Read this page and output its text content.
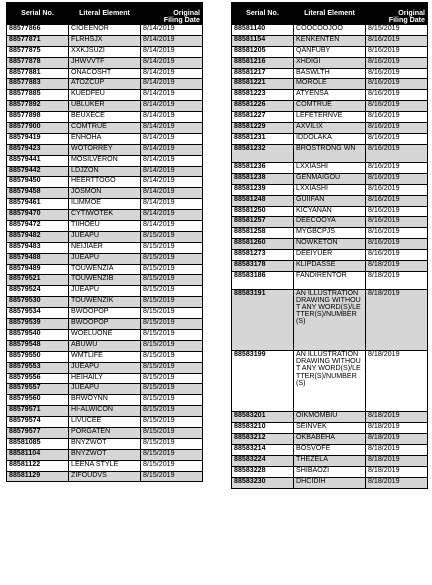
Serial No.	Literal Element	Original
Filing Date
88577866	CIOEENOR	8/14/2019
88577871	FLRHSJX	8/14/2019
88577875	XXKJSUZI	8/14/2019
88577878	JHWVVTF	8/14/2019
88577881	ONACOSHT	8/14/2019
88577883	ATOZCUP	8/14/2019
88577885	KUEDFEU	8/14/2019
88577892	UBLUKER	8/14/2019
88577898	BEUXECE	8/14/2019
88577900	COMTRUE	8/14/2019
88579419	ENHOHA	8/14/2019
88579423	WOTORREY	8/14/2019
88579441	MOSILVERON	8/14/2019
88579442	LDJZON	8/14/2019
88579450	HEERTTOGO	8/14/2019
88579458	JOSMON	8/14/2019
88579461	ILIMMOE	8/14/2019
88579470	CYTIWOTEK	8/14/2019
88579472	TIIHOEU	8/14/2019
88579482	JUEAPU	8/15/2019
88579483	NEIJIAER	8/15/2019
88579488	JUEAPU	8/15/2019
88579489	TOUWENZIA	8/15/2019
88579521	TOUWENZIB	8/15/2019
88579524	JUEAPU	8/15/2019
88579530	TOUWENZIK	8/15/2019
88579534	BWOOPOP	8/15/2019
88579539	BWOOPOP	8/15/2019
88579540	WOELUONE	8/15/2019
88579548	ABUWU	8/15/2019
88579550	WMTLIFE	8/15/2019
88579553	JUEAPU	8/15/2019
88579556	HEIHAILY	8/15/2019
88579557	JUEAPU	8/15/2019
88579560	BRWOYNN	8/15/2019
88579571	HI-ALWICON	8/15/2019
88579574	LIVUCEE	8/15/2019
88579577	PORGATEN	8/15/2019
88581085	BNYZWOT	8/15/2019
88581104	BNYZWOT	8/15/2019
88581122	LEENA STYLE	8/15/2019
88581129	ZIFOUDVS	8/15/2019
Serial No.	Literal Element	Original
Filing Date
88581140	COOCOOJOO	8/15/2019
88581154	KENKENTEN	8/16/2019
88581205	QANFUBY	8/16/2019
88581216	XHDIGI	8/16/2019
88581217	BASWLTH	8/16/2019
88581221	MOROLE	8/16/2019
88581223	ATYENSA	8/16/2019
88581226	COMTRUE	8/16/2019
88581227	LEFETERNVE	8/16/2019
88581229	AXVILIX	8/16/2019
88581231	IDDOLAKA	8/16/2019
88581232	BROSTRONG WN	8/16/2019
88581236	LXXIASHI	8/16/2019
88581238	GENMAIGOU	8/16/2019
88581239	LXXIASHI	8/16/2019
88581248	GUIIFAN	8/16/2019
88581250	KICYANAN	8/16/2019
88581257	DEECOOYA	8/16/2019
88581258	MYGBCPJS	8/16/2019
88581260	NOWKETON	8/16/2019
88581273	DEEIYUER	8/16/2019
88583178	KLIPDASSE	8/18/2019
88583186	FANDIRENTOR	8/18/2019
88583191	AN ILLUSTRATION DRAWING WITHOUT ANY WORD(S)/LETTER(S)/NUMBER(S)	8/18/2019
88583199	AN ILLUSTRATION DRAWING WITHOUT ANY WORD(S)/LETTER(S)/NUMBER(S)	8/18/2019
88583201	OIKMOMBIU	8/18/2019
88583210	SEINVEK	8/18/2019
88583212	OKBABEHA	8/18/2019
88583214	BOSVOFE	8/18/2019
88583224	THEZELA	8/18/2019
88583228	SHIBAOZI	8/18/2019
88583230	DHCIDIH	8/18/2019
